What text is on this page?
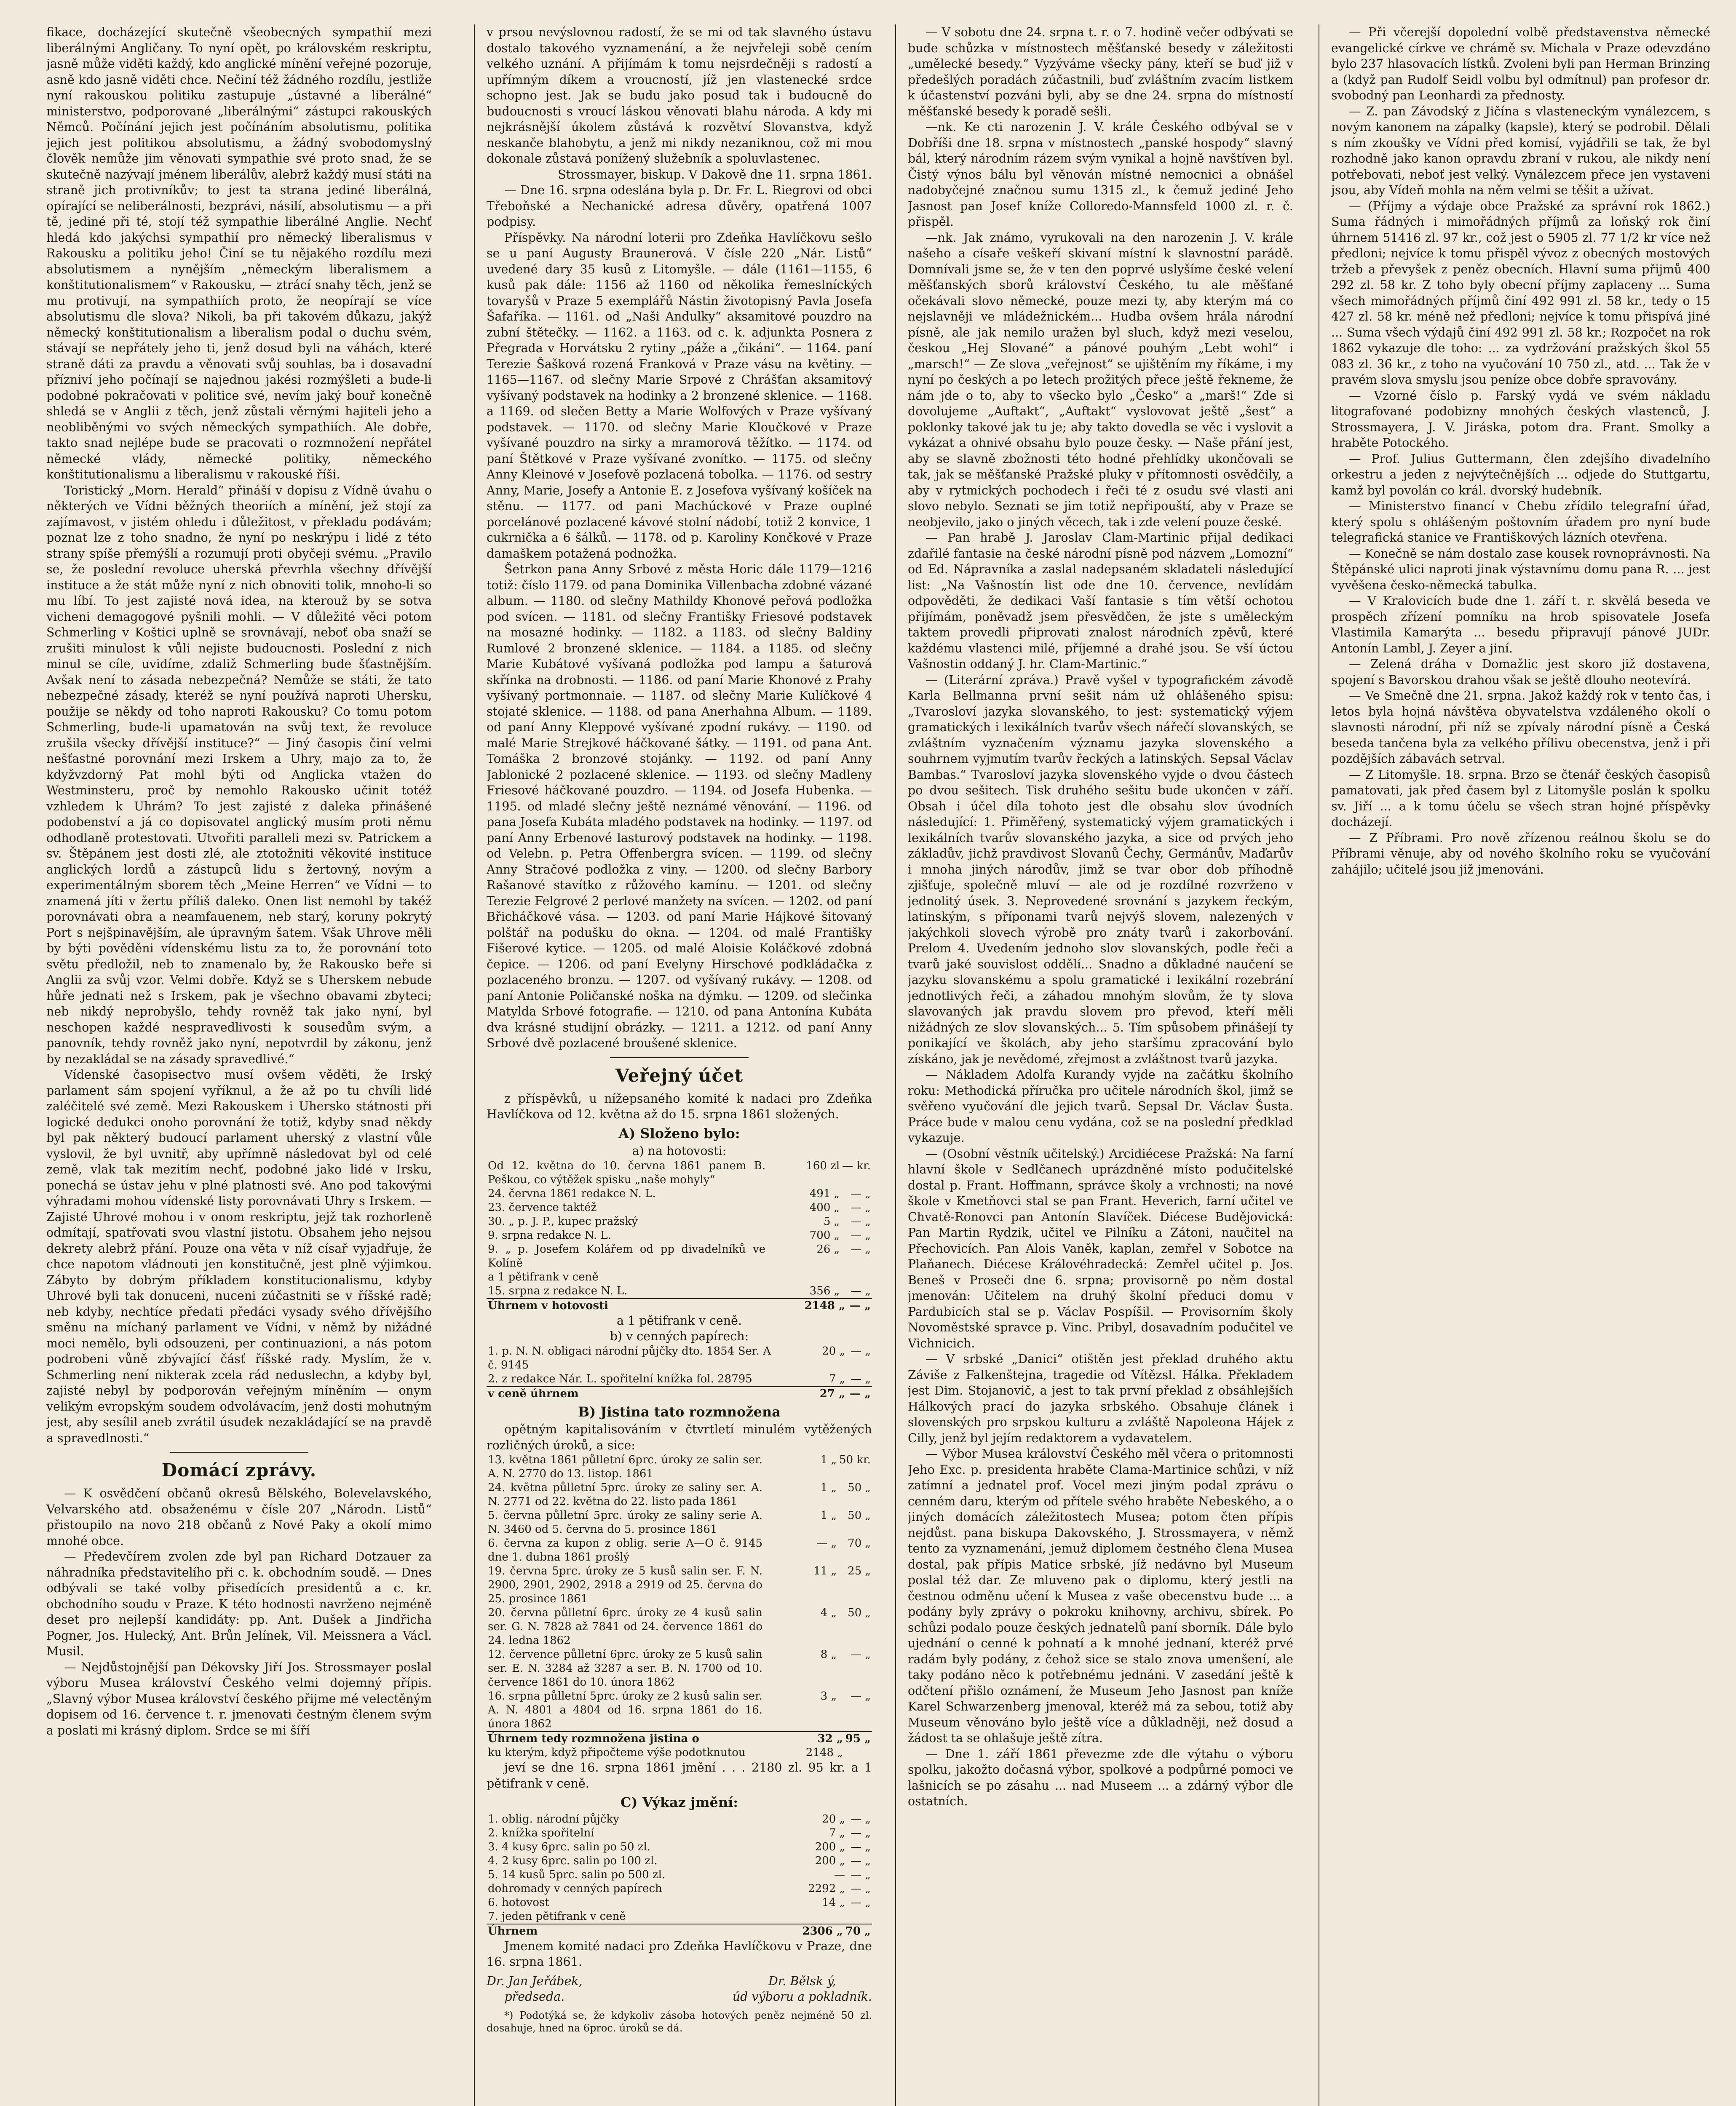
fikace, docházející skutečně všeobecných sympathií mezi liberálnými Angličany. To nyní opět, po královském reskriptu, jasně může viděti každý, kdo anglické mínění veřejné pozoruje, asně kdo jasně viděti chce. Nečiní též žádného rozdílu, jestliže nyní rakouskou politiku zastupuje „ústavné a liberálné“ ministerstvo, podporované „liberálnými“ zástupci rakouských Němců. Počínání jejich jest počínáním absolutismu, politika jejich jest politikou absolutismu, a žádný svobodomyslný člověk nemůže jim věnovati sympathie své proto snad, že se skutečně nazývají jménem liberálův, alebrž každý musí státi na straně jich protivníkův; to jest ta strana jediné liberálná, opírající se neliberálnosti, bezprávi, násilí, absolutismu — a při tě, jediné při té, stojí též sympathie liberálné Anglie. Nechť hledá kdo jakýchsi sympathií pro německý liberalismus v Rakousku a politiku jeho! Činí se tu nějakého rozdílu mezi absolutismem a nynějším „německým liberalismem a konštitutionalismem“ v Rakousku, — ztrácí snahy těch, jenž se mu protivují, na sympathiích proto, že neopírají se více absolutismu dle slova? Nikoli, ba při takovém důkazu, jakýž německý konštitutionalism a liberalism podal o duchu svém, stávají se nepřátely jeho ti, jenž dosud byli na váhách, které straně dáti za pravdu a věnovati svůj souhlas, ba i dosavadní přízniví jeho počínají se najednou jakési rozmýšleti a bude-li podobné pokračovati v politice své, nevím jaký bouř konečně shledá se v Anglii z těch, jenž zůstali věrnými hajiteli jeho a neobliběnými vo svých německých sympathiích. Ale dobře, takto snad nejlépe bude se pracovati o rozmnožení nepřátel německé vlády, německé politiky, německého konštitutionalismu a liberalismu v rakouské říši.

Toristický „Morn. Herald“ přináší v dopisu z Vídně úvahu o některých ve Vídni běžných theoriích a mínění, jež stojí za zajímavost, v jistém ohledu i důležitost, v překladu podávám; poznat lze z toho snadno, že nyní po neskrýpu i lidé z této strany spíše přemýšlí a rozumují proti obyčeji svému. „Pravilo se, že poslední revoluce uherská převrhla všechny dřívější instituce a že stát může nyní z nich obnoviti tolik, mnoho-li so mu líbí. To jest zajisté nová idea, na kterouž by se sotva vicheni demagogové pyšnili mohli. — V důležité věci potom Schmerling v Koštici uplně se srovnávají, neboť oba snaží se zrušiti minulost k vůli nejiste budoucnosti. Poslední z nich minul se cíle, uvidíme, zdaliž Schmerling bude šťastnějším. Avšak není to zásada nebezpečná? Nemůže se státi, že tato nebezpečné zásady, kteréž se nyní používá naproti Uhersku, použije se někdy od toho naproti Rakousku? Co tomu potom Schmerling, bude-li upamatován na svůj text, že revoluce zrušila všecky dřívější instituce?“ — Jiný časopis činí velmi nešťastné porovnání mezi Irskem a Uhry, majo za to, že kdyžvzdorný Pat mohl býti od Anglicka vtažen do Westminsteru, proč by nemohlo Rakousko učinit totéž vzhledem k Uhrám? To jest zajisté z daleka přinášené podobenství a já co dopisovatel anglický musím proti němu odhodlaně protestovati. Utvořiti paralleli mezi sv. Patrickem a sv. Štěpánem jest dosti zlé, ale ztotožniti věkovité instituce anglických lordů a zástupců lidu s žertovný, novým a experimentálným sborem těch „Meine Herren“ ve Vídni — to znamená jíti v žertu příliš daleko. Onen list nemohl by takéž porovnávati obra a neamfauenem, neb starý, koruny pokrytý Port s nejšpinavějším, ale úpravným šatem. Však Uhrove měli by býti pověděni vídenskému listu za to, že porovnání toto světu předložil, neb to znamenalo by, že Rakousko beře si Anglii za svůj vzor. Velmi dobře. Když se s Uherskem nebude hůře jednati než s Irskem, pak je všechno obavami zbyteci; neb nikdý neprobyšlo, tehdy rovněž tak jako nyní, byl neschopen každé nespravedlivosti k sousedům svým, a panovník, tehdy rovněž jako nyní, nepotvrdil by zákonu, jenž by nezakládal se na zásady spravedlivé.“

Vídenské časopisectvo musí ovšem věděti, že Irský parlament sám spojení vyříknul, a že až po tu chvíli lidé zaléčitelé své země. Mezi Rakouskem i Uhersko státnosti při logické dedukci onoho porovnání že totiž, kdyby snad někdy byl pak některý budoucí parlament uherský z vlastní vůle vyslovil, že byl uvnitř, aby upřímně následovat byl od celé země, vlak tak mezitím nechť, podobné jako lidé v Irsku, ponechá se ústav jehu v plné platnosti své. Ano pod takovými výhradami mohou vídenské listy porovnávati Uhry s Irskem. — Zajisté Uhrové mohou i v onom reskriptu, jejž tak rozhorleně odmítají, spatřovati svou vlastní jistotu. Obsahem jeho nejsou dekrety alebrž přání. Pouze ona věta v níž císař vyjadřuje, že chce napotom vládnouti jen konstitučně, jest plně výjimkou. Zábyto by dobrým příkladem konstitucionalismu, kdyby Uhrové byli tak donuceni, nuceni zúčastniti se v říšské radě; neb kdyby, nechtíce předati předáci vysady svého dřívějšího směnu na míchaný parlament ve Vídni, v němž by nižádné moci nemělo, byli odsouzeni, per continuazioni, a nás potom podrobeni vůně zbývající čásť říšské rady. Myslím, že v. Schmerling není nikterak zcela rád neduslechn, a kdyby byl, zajisté nebyl by podporován veřejným míněním — onym velikým evropským soudem odvolávacím, jenž dosti mohutným jest, aby sesílil aneb zvrátil úsudek nezakládající se na pravdě a spravedlnosti.“

Domácí zprávy.

— K osvědčení občanů okresů Bělského, Bolevelavského, Velvarského atd. obsaženému v čísle 207 „Národn. Listů“ přistoupilo na novo 218 občanů z Nové Paky a okolí mimo mnohé obce.

— Předevčírem zvolen zde byl pan Richard Dotzauer za náhradníka představitelího při c. k. obchodním soudě. — Dnes odbývali se také volby přisedících presidentů a c. kr. obchodního soudu v Praze. K této hodnosti navrženo nejméně deset pro nejlepší kandidáty: pp. Ant. Dušek a Jindřicha Pogner, Jos. Hulecký, Ant. Brůn Jelínek, Vil. Meissnera a Václ. Musil.

— Nejdůstojnější pan Dékovsky Jiří Jos. Strossmayer poslal výboru Musea království Českého velmi dojemný přípis. „Slavný výbor Musea království českého přijme mé velectěným dopisem od 16. července t. r. jmenovati čestným členem svým a poslati mi krásný diplom. Srdce se mi šíří

v prsou nevýslovnou radostí, že se mi od tak slavného ústavu dostalo takového vyznamenání, a že nejvřeleji sobě cením velkého uznání. A přijímám k tomu nejsrdečněji s radostí a upřímným díkem a vroucností, jíž jen vlastenecké srdce schopno jest. Jak se budu jako posud tak i budoucně do budoucnosti s vroucí láskou věnovati blahu národa. A kdy mi nejkrásnější úkolem zůstává k rozvětví Slovanstva, když neskanče blahobytu, a jenž mi nikdy nezaniknou, což mi mou dokonale zůstavá ponížený služebník a spoluvlastenec.

Strossmayer, biskup. V Dakově dne 11. srpna 1861.

— Dne 16. srpna odeslána byla p. Dr. Fr. L. Riegrovi od obci Třeboňské a Nechanické adresa důvěry, opatřená 1007 podpisy.

Příspěvky. Na národní loterii pro Zdeňka Havlíčkovu sešlo se u paní Augusty Braunerová. V čísle 220 „Nár. Listů“ uvedené dary 35 kusů z Litomyšle. — dále (1161—1155, 6 kusů pak dále: 1156 až 1160 od několika řemeslníckých tovaryšů v Praze 5 exemplářů Nástin životopisný Pavla Josefa Šafaříka. — 1161. od „Naši Andulky“ aksamitové pouzdro na zubní štětečky. — 1162. a 1163. od c. k. adjunkta Posnera z Přegrada v Horvátsku 2 rytiny „páže a „čikáni“. — 1164. paní Terezie Šašková rozená Franková v Praze vásu na květiny. — 1165—1167. od slečny Marie Srpové z Chrášťan aksamitový vyšívaný podstavek na hodinky a 2 bronzené sklenice. — 1168. a 1169. od slečen Betty a Marie Wolfových v Praze vyšívaný podstavek. — 1170. od slečny Marie Kloučkové v Praze vyšívané pouzdro na sirky a mramorová těžítko. — 1174. od paní Štětkové v Praze vyšívané zvonítko. — 1175. od slečny Anny Kleinové v Josefově pozlacená tobolka. — 1176. od sestry Anny, Marie, Josefy a Antonie E. z Josefova vyšívaný košíček na stěnu. — 1177. od pani Machúckové v Praze ouplné porcelánové pozlacené kávové stolní nádobí, totiž 2 konvice, 1 cukrnička a 6 šálků. — 1178. od p. Karoliny Končkové v Praze damaškem potažená podnožka.

Šetrkon pana Anny Srbové z města Horic dále 1179—1216 totiž: číslo 1179. od pana Dominika Villenbacha zdobné vázané album. — 1180. od slečny Mathildy Khonové peřová podložka pod svícen. — 1181. od slečny Františky Friesové podstavek na mosazné hodinky. — 1182. a 1183. od slečny Baldiny Rumlové 2 bronzené sklenice. — 1184. a 1185. od slečny Marie Kubátové vyšívaná podložka pod lampu a šaturová skřínka na drobnosti. — 1186. od paní Marie Khonové z Prahy vyšívaný portmonnaie. — 1187. od slečny Marie Kulíčkové 4 stojaté sklenice. — 1188. od pana Anerhahna Album. — 1189. od paní Anny Kleppové vyšívané zpodní rukávy. — 1190. od malé Marie Strejkové háčkované šátky. — 1191. od pana Ant. Tomáška 2 bronzové stojánky. — 1192. od paní Anny Jablonické 2 pozlacené sklenice. — 1193. od slečny Madleny Friesové háčkované pouzdro. — 1194. od Josefa Hubenka. — 1195. od mladé slečny ještě neznámé věnování. — 1196. od pana Josefa Kubáta mladého podstavek na hodinky. — 1197. od paní Anny Erbenové lasturový podstavek na hodinky. — 1198. od Velebn. p. Petra Offenbergra svícen. — 1199. od slečny Anny Stračové podložka z viny. — 1200. od slečny Barbory Rašanové stavítko z růžového kamínu. — 1201. od slečny Terezie Felgrové 2 perlové manžety na svícen. — 1202. od paní Břicháčkové vása. — 1203. od paní Marie Hájkové šitovaný polštář na podušku do okna. — 1204. od malé Františky Fišerové kytice. — 1205. od malé Aloisie Koláčkové zdobná čepice. — 1206. od paní Evelyny Hirschové podkládačka z pozlaceného bronzu. — 1207. od vyšívaný rukávy. — 1208. od paní Antonie Poličanské noška na dýmku. — 1209. od slečinka Matylda Srbové fotografie. — 1210. od pana Antonína Kubáta dva krásné studijní obrázky. — 1211. a 1212. od paní Anny Srbové dvě pozlacené broušené sklenice.

Veřejný účet

z příspěvků, u nížepsaného komité k nadaci pro Zdeňka Havlíčkova od 12. května až do 15. srpna 1861 složených.

A) Složeno bylo:
a) na hotovosti:
Od 12. května do 10. června 1861 panem B. Peškou, co výtěžek spisku „naše mohyly“	160 zl	— kr.
24. června 1861 redakce N. L.	491 „	— „
23. července taktéž	400 „	— „
30. „ p. J. P., kupec pražský	5 „	— „
9. srpna redakce N. L.	700 „	— „
9. „ p. Josefem Kolářem od pp divadelníků ve Kolíně	26 „	— „
a 1 pětifrank v ceně		
15. srpna z redakce N. L.	356 „	— „
Úhrnem v hotovosti	2148 „	— „
a 1 pětifrank v ceně.
b) v cenných papírech:
1. p. N. N. obligaci národní půjčky dto. 1854 Ser. A č. 9145	20 „	— „
2. z redakce Nár. L. spořitelní knížka fol. 28795	7 „	— „
v ceně úhrnem	27 „	— „
B) Jistina tato rozmnožena

opětným kapitalisováním v čtvrtletí minulém vytěžených rozličných úroků, a sice:

13. května 1861 půlletní 6prc. úroky ze salin ser. A. N. 2770 do 13. listop. 1861	1 „	50 kr.
24. května půlletní 5prc. úroky ze saliny ser. A. N. 2771 od 22. května do 22. listo pada 1861	1 „	50 „
5. června půlletní 5prc. úroky ze saliny serie A. N. 3460 od 5. června do 5. prosince 1861	1 „	50 „
6. června za kupon z oblig. serie A—O č. 9145 dne 1. dubna 1861 prošlý	— „	70 „
19. června 5prc. úroky ze 5 kusů salin ser. F. N. 2900, 2901, 2902, 2918 a 2919 od 25. června do 25. prosince 1861	11 „	25 „
20. června půlletní 6prc. úroky ze 4 kusů salin ser. G. N. 7828 až 7841 od 24. července 1861 do 24. ledna 1862	4 „	50 „
12. července půlletní 6prc. úroky ze 5 kusů salin ser. E. N. 3284 až 3287 a ser. B. N. 1700 od 10. července 1861 do 10. února 1862	8 „	— „
16. srpna půlletní 5prc. úroky ze 2 kusů salin ser. A. N. 4801 a 4804 od 16. srpna 1861 do 16. února 1862	3 „	— „
Úhrnem tedy rozmnožena jistina o	32 „	95 „
ku kterým, když připočteme výše podotknutou	2148 „	

jeví se dne 16. srpna 1861 jmění . . . 2180 zl. 95 kr. a 1 pětifrank v ceně.

C) Výkaz jmění:
1. oblig. národní půjčky	20 „	— „
2. knížka spořitelní	7 „	— „
3. 4 kusy 6prc. salin po 50 zl.	200 „	— „
4. 2 kusy 6prc. salin po 100 zl.	200 „	— „
5. 14 kusů 5prc. salin po 500 zl.	—	— „
dohromady v cenných papírech	2292 „	— „
6. hotovost	14 „	— „
7. jeden pětifrank v ceně		
Úhrnem	2306 „	70 „

Jmenem komité nadaci pro Zdeňka Havlíčkovu v Praze, dne 16. srpna 1861.

Dr. Jan Jeřábek,
předseda.
Dr. Bělsk ý,
úd výboru a pokladník.

*) Podotýká se, že kdykoliv zásoba hotových peněz nejméně 50 zl. dosahuje, hned na 6proc. úroků se dá.

— V sobotu dne 24. srpna t. r. o 7. hodině večer odbývati se bude schůzka v místnostech měšťanské besedy v záležitosti „umělecké besedy.“ Vyzýváme všecky pány, kteří se buď již v předešlých poradách zúčastnili, buď zvláštním zvacím listkem k účastenství pozváni byli, aby se dne 24. srpna do místností měšťanské besedy k poradě sešli.

—nk. Ke cti narozenin J. V. krále Českého odbýval se v Dobříši dne 18. srpna v místnostech „panské hospody“ slavný bál, který národním rázem svým vynikal a hojně navštíven byl. Čistý výnos bálu byl věnován místné nemocnici a obnášel nadobyčejné značnou sumu 1315 zl., k čemuž jediné Jeho Jasnost pan Josef kníže Colloredo-Mannsfeld 1000 zl. r. č. přispěl.

—nk. Jak známo, vyrukovali na den narozenin J. V. krále našeho a císaře veškeří skivaní místní k slavnostní parádě. Domnívali jsme se, že v ten den poprvé uslyšíme české velení měšťanských sborů království Českého, tu ale měšťané očekávali slovo německé, pouze mezi ty, aby kterým má co nejslavněji ve mládežnickém... Hudba ovšem hrála národní písně, ale jak nemilo uražen byl sluch, když mezi veselou, českou „Hej Slované“ a pánové pouhým „Lebt wohl“ i „marsch!“ — Ze slova „veřejnost“ se ujištěním my říkáme, i my nyní po českých a po letech prožitých přece ještě řekneme, že nám jde o to, aby to všecko bylo „Česko“ a „marš!“ Zde si dovolujeme „Auftakt“, „Auftakt“ vyslovovat ještě „šest“ a poklonky takové jak tu je; aby takto dovedla se věc i vyslovit a vykázat a ohnivé obsahu bylo pouze česky. — Naše přání jest, aby se slavně zbožnosti této hodné přehlídky ukončovali se tak, jak se měšťanské Pražské pluky v přítomnosti osvědčily, a aby v rytmických pochodech i řeči té z osudu své vlasti ani slovo nebylo. Seznati se jim totiž nepřipouští, aby v Praze se neobjevilo, jako o jiných věcech, tak i zde velení pouze české.

— Pan hrabě J. Jaroslav Clam-Martinic přijal dedikaci zdařilé fantasie na české národní písně pod názvem „Lomozní“ od Ed. Nápravníka a zaslal nadepsaném skladateli následující list: „Na Vašnostín list ode dne 10. července, nevlídám odpověděti, že dedikaci Vaší fantasie s tím větší ochotou přijímám, poněvadž jsem přesvědčen, že jste s uměleckým taktem provedli připrovati znalost národních zpěvů, které každému vlastenci milé, příjemné a drahé jsou. Se vší úctou Vašnostin oddaný J. hr. Clam-Martinic.“

— (Literární zpráva.) Pravě vyšel v typografickém závodě Karla Bellmanna první sešit nám už ohlášeného spisu: „Tvarosloví jazyka slovanského, to jest: systematický výjem gramatických i lexikálních tvarův všech nářečí slovanských, se zvláštním vyznačením významu jazyka slovenského a souhrnem vyjmutím tvarův řeckých a latinských. Sepsal Václav Bambas.“ Tvarosloví jazyka slovenského vyjde o dvou částech po dvou sešitech. Tisk druhého sešitu bude ukončen v září. Obsah i účel díla tohoto jest dle obsahu slov úvodních následující: 1. Přiměřený, systematický výjem gramatických i lexikálních tvarův slovanského jazyka, a sice od prvých jeho základův, jichž pravdivost Slovanů Čechy, Germánův, Maďarův i mnoha jiných národův, jimž se tvar obor dob příhodně zjišťuje, společně mluví — ale od je rozdílné rozvrženo v jednolitý úsek. 3. Neprovedené srovnání s jazykem řeckým, latinským, s příponami tvarů nejvýš slovem, nalezených v jakýchkoli slovech výrobě pro znáty tvarů i zakorbování. Prelom 4. Uvedením jednoho slov slovanských, podle řeči a tvarů jaké souvislost oddělí... Snadno a důkladné naučení se jazyku slovanskému a spolu gramatické i lexikální rozebrání jednotlivých řeči, a záhadou mnohým slovům, že ty slova slavovaných jak pravdu slovem pro převod, kteří měli nižádných ze slov slovanských... 5. Tím spůsobem přinášejí ty ponikající ve školách, aby jeho staršímu zpracování bylo získáno, jak je nevědomé, zřejmost a zvláštnost tvarů jazyka.

— Nákladem Adolfa Kurandy vyjde na začátku školního roku: Methodická příručka pro učitele národních škol, jimž se svěřeno vyučování dle jejich tvarů. Sepsal Dr. Václav Šusta. Práce bude v malou cenu vydána, což se na poslední předklad vykazuje.

— (Osobní věstník učitelský.) Arcidiécese Pražská: Na farní hlavní škole v Sedlčanech uprázdněné místo podučitelské dostal p. Frant. Hoffmann, správce školy a vrchnosti; na nové škole v Kmetňovci stal se pan Frant. Heverich, farní učitel ve Chvatě-Ronovci pan Antonín Slavíček. Diécese Budějovická: Pan Martin Rydzik, učitel ve Pilníku a Zátoni, naučitel na Přechovicích. Pan Alois Vaněk, kaplan, zemřel v Sobotce na Plaňanech. Diécese Královéhradecká: Zemřel učitel p. Jos. Beneš v Proseči dne 6. srpna; provisorně po něm dostal jmenován: Učitelem na druhý školní předuci domu v Pardubicích stal se p. Václav Pospíšil. — Provisorním školy Novoměstské spravce p. Vinc. Pribyl, dosavadním podučitel ve Vichnicich.

— V srbské „Danici“ otištěn jest překlad druhého aktu Záviše z Falkenštejna, tragedie od Vítězsl. Hálka. Překladem jest Dim. Stojanovič, a jest to tak první překlad z obsáhlejších Hálkových prací do jazyka srbského. Obsahuje článek i slovenských pro srpskou kulturu a zvláště Napoleona Hájek z Cilly, jenž byl jejím redaktorem a vydavatelem.

— Výbor Musea království Českého měl včera o pritomnosti Jeho Exc. p. presidenta hraběte Clama-Martinice schůzi, v níž zatímní a jednatel prof. Vocel mezi jiným podal zprávu o cenném daru, kterým od přítele svého hraběte Nebeského, a o jiných domácích záležitostech Musea; potom čten přípis nejdůst. pana biskupa Dakovského, J. Strossmayera, v němž tento za vyznamenání, jemuž diplomem čestného člena Musea dostal, pak přípis Matice srbské, jíž nedávno byl Museum poslal též dar. Ze mluveno pak o diplomu, který jestli na čestnou odměnu učení k Musea z vaše obecenstvu bude ... a podány byly zprávy o pokroku knihovny, archivu, sbírek. Po schůzi podalo pouze českých jednatelů paní sborník. Dále bylo ujednání o cenné k pohnatí a k mnohé jednaní, kteréž prvé radám byly podány, z čehož sice se stalo znova umenšení, ale taky podáno něco k potřebnému jednáni. V zasedání ještě k odčtení přišlo oznámení, že Museum Jeho Jasnost pan kníže Karel Schwarzenberg jmenoval, kteréž má za sebou, totiž aby Museum věnováno bylo ještě více a důkladněji, než dosud a žádost ta se ohlašuje ještě zítra.

— Dne 1. září 1861 převezme zde dle výtahu o výboru spolku, jakožto dočasná výbor, spolkové a podpůrné pomoci ve lašnicích se po zásahu ... nad Museem ... a zdárný výbor dle ostatních.

— Při včerejší dopolední volbě představenstva německé evangelické církve ve chrámě sv. Michala v Praze odevzdáno bylo 237 hlasovacích lístků. Zvoleni byli pan Herman Brinzing a (když pan Rudolf Seidl volbu byl odmítnul) pan profesor dr. svobodný pan Leonhardi za přednosty.

— Z. pan Závodský z Jičína s vlasteneckým vynálezcem, s novým kanonem na zápalky (kapsle), který se podrobil. Dělali s ním zkoušky ve Vídni před komisí, vyjádřili se tak, že byl rozhodně jako kanon opravdu zbraní v rukou, ale nikdy není potřebovati, neboť jest velký. Vynálezcem přece jen vystaveni jsou, aby Vídeň mohla na něm velmi se těšit a užívat.

— (Příjmy a výdaje obce Pražské za správní rok 1862.) Suma řádných i mimořádných příjmů za loňský rok činí úhrnem 51416 zl. 97 kr., což jest o 5905 zl. 77 1/2 kr více než předloni; nejvíce k tomu přispěl vývoz z obecných mostových tržeb a převyšek z peněz obecních. Hlavní suma přijmů 400 292 zl. 58 kr. Z toho byly obecní příjmy zaplaceny ... Suma všech mimořádných příjmů činí 492 991 zl. 58 kr., tedy o 15 427 zl. 58 kr. méně než předloni; nejvíce k tomu přispívá jiné ... Suma všech výdajů činí 492 991 zl. 58 kr.; Rozpočet na rok 1862 vykazuje dle toho: ... za vydržování pražských škol 55 083 zl. 36 kr., z toho na vyučování 10 750 zl., atd. ... Tak že v pravém slova smyslu jsou peníze obce dobře spravovány.

— Vzorné číslo p. Farský vydá ve svém nákladu litografované podobizny mnohých českých vlastenců, J. Strossmayera, J. V. Jiráska, potom dra. Frant. Smolky a hraběte Potockého.

— Prof. Julius Guttermann, člen zdejšího divadelního orkestru a jeden z nejvýtečnějších ... odjede do Stuttgartu, kamž byl povolán co král. dvorský hudebník.

— Ministerstvo financí v Chebu zřídilo telegrafní úřad, který spolu s ohlášeným poštovním úřadem pro nyní bude telegrafická stanice ve Františkových lázních otevřena.

— Konečně se nám dostalo zase kousek rovnoprávnosti. Na Štěpánské ulici naproti jinak výstavnímu domu pana R. ... jest vyvěšena česko-německá tabulka.

— V Kralovicích bude dne 1. září t. r. skvělá beseda ve prospěch zřízení pomníku na hrob spisovatele Josefa Vlastimila Kamarýta ... besedu připravují pánové JUDr. Antonín Lambl, J. Zeyer a jiní.

— Zelená dráha v Domažlic jest skoro již dostavena, spojení s Bavorskou drahou však se ještě dlouho neotevírá.

— Ve Smečně dne 21. srpna. Jakož každý rok v tento čas, i letos byla hojná návštěva obyvatelstva vzdáleného okolí o slavnosti národní, při níž se zpívaly národní písně a Česká beseda tančena byla za velkého přílivu obecenstva, jenž i při pozdějších zábavách setrval.

— Z Litomyšle. 18. srpna. Brzo se čtenář českých časopisů pamatovati, jak před časem byl z Litomyšle poslán k spolku sv. Jiří ... a k tomu účelu se všech stran hojné příspěvky docházejí.

— Z Příbrami. Pro nově zřízenou reálnou školu se do Příbrami věnuje, aby od nového školního roku se vyučování zahájilo; učitelé jsou již jmenováni.
